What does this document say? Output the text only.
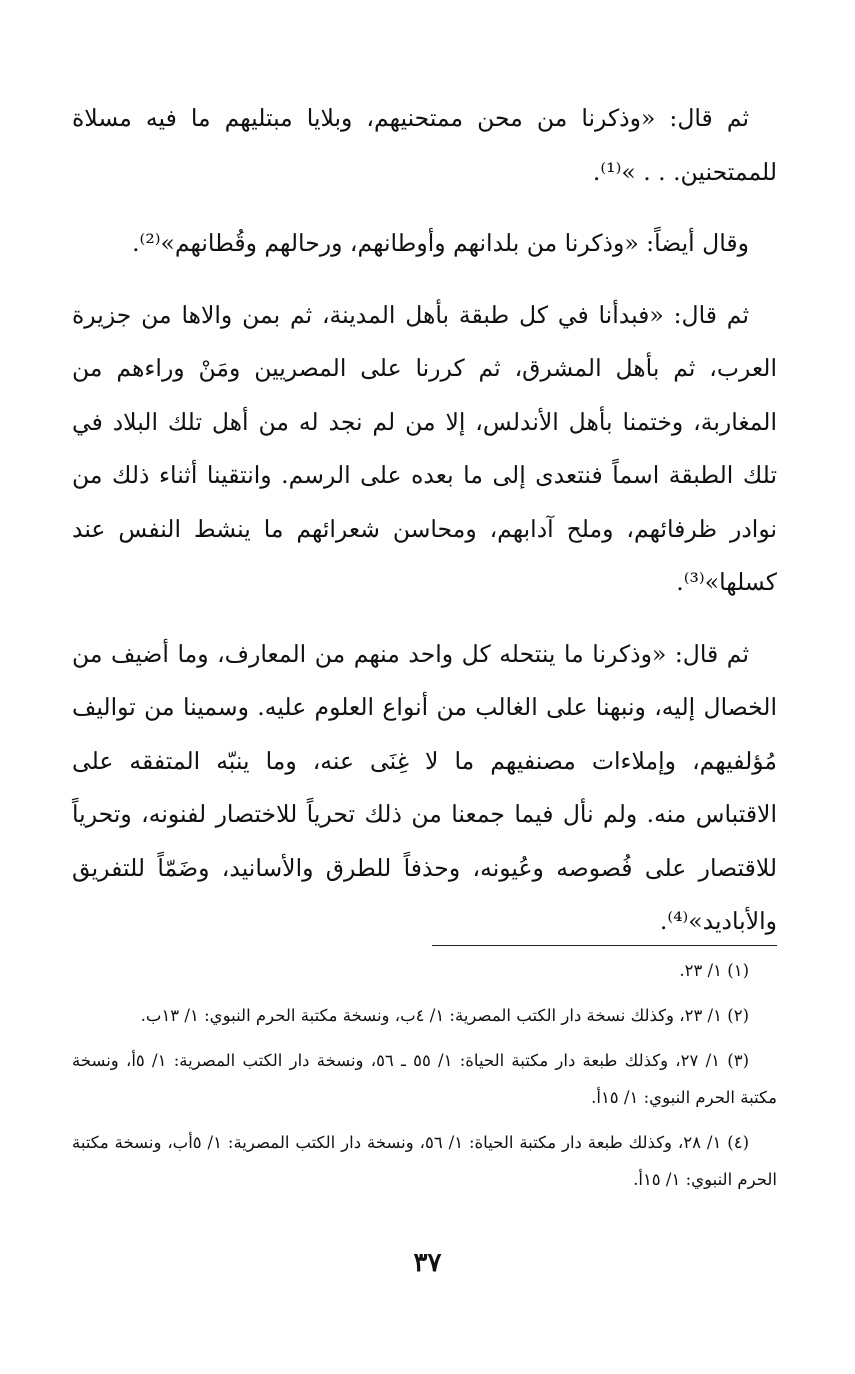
ثم قال: «وذكرنا من محن ممتحنيهم، وبلايا مبتليهم ما فيه مسلاة للممتحنين. . . »⁽¹⁾.

وقال أيضاً: «وذكرنا من بلدانهم وأوطانهم، ورحالهم وقُطانهم»⁽²⁾.

ثم قال: «فبدأنا في كل طبقة بأهل المدينة، ثم بمن والاها من جزيرة العرب، ثم بأهل المشرق، ثم كررنا على المصريين ومَنْ وراءهم من المغاربة، وختمنا بأهل الأندلس، إلا من لم نجد له من أهل تلك البلاد في تلك الطبقة اسماً فنتعدى إلى ما بعده على الرسم. وانتقينا أثناء ذلك من نوادر ظرفائهم، وملح آدابهم، ومحاسن شعرائهم ما ينشط النفس عند كسلها»⁽³⁾.

ثم قال: «وذكرنا ما ينتحله كل واحد منهم من المعارف، وما أضيف من الخصال إليه، ونبهنا على الغالب من أنواع العلوم عليه. وسمينا من تواليف مُؤلفيهم، وإملاءات مصنفيهم ما لا غِنَى عنه، وما ينبّه المتفقه على الاقتباس منه. ولم نأل فيما جمعنا من ذلك تحرياً للاختصار لفنونه، وتحرياً للاقتصار على فُصوصه وعُيونه، وحذفاً للطرق والأسانيد، وضَمّاً للتفريق والأباديد»⁽⁴⁾.

(١) ١/ ٢٣.

(٢) ١/ ٢٣، وكذلك نسخة دار الكتب المصرية: ١/ ٤ب، ونسخة مكتبة الحرم النبوي: ١/ ١٣ب.

(٣) ١/ ٢٧، وكذلك طبعة دار مكتبة الحياة: ١/ ٥٥ ـ ٥٦، ونسخة دار الكتب المصرية: ١/ ٥أ، ونسخة مكتبة الحرم النبوي: ١/ ١٥أ.

(٤) ١/ ٢٨، وكذلك طبعة دار مكتبة الحياة: ١/ ٥٦، ونسخة دار الكتب المصرية: ١/ ٥أب، ونسخة مكتبة الحرم النبوي: ١/ ١٥أ.

٣٧
